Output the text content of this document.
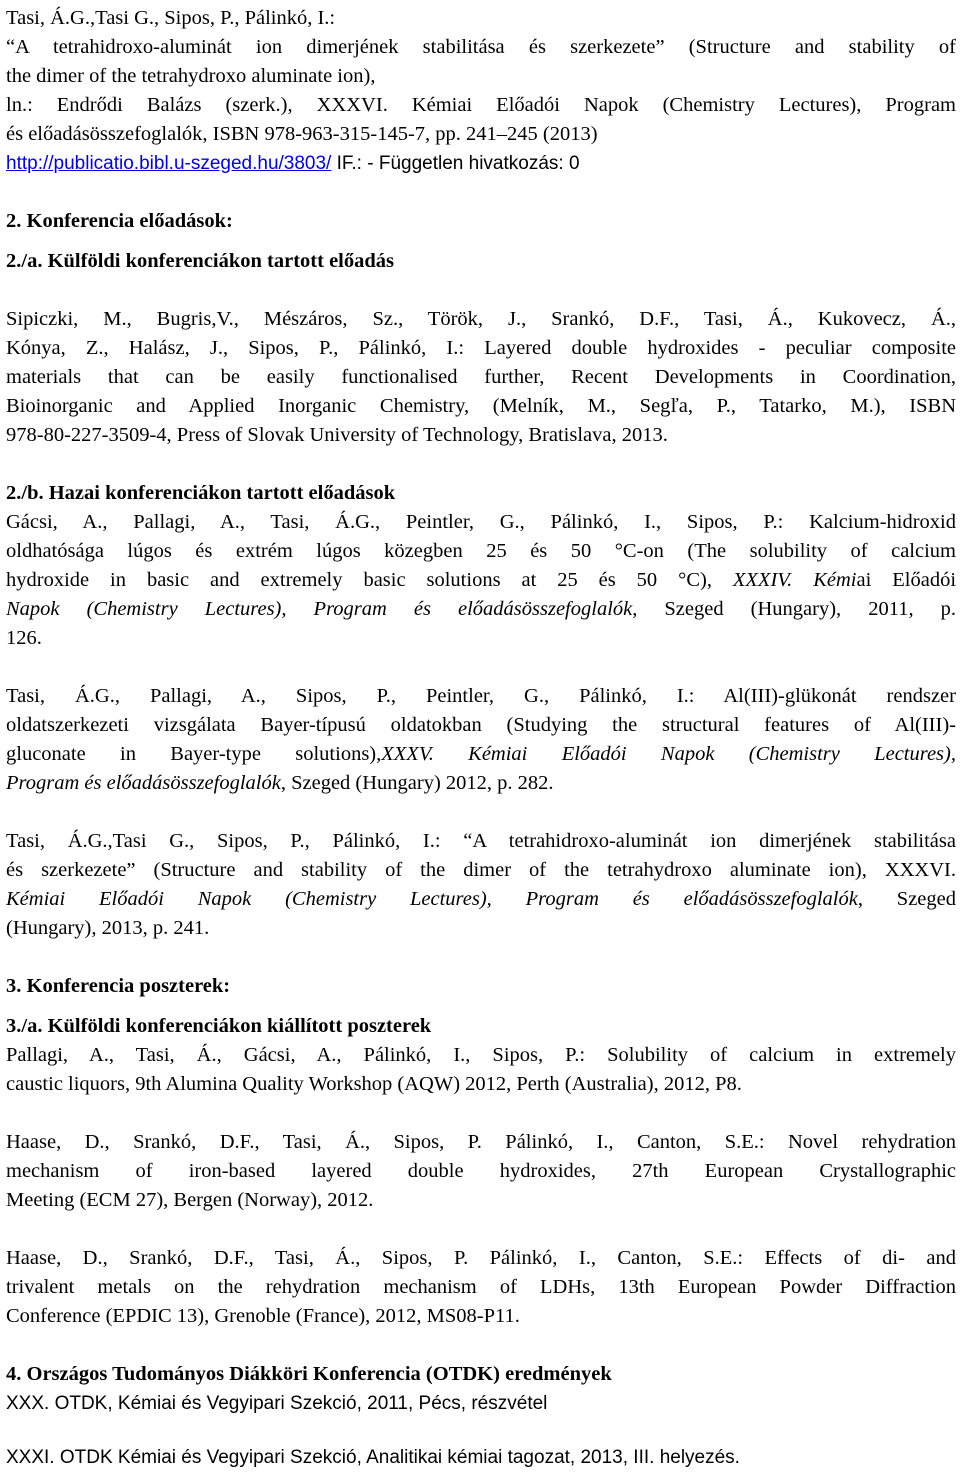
Tasi, Á.G.,Tasi G., Sipos, P., Pálinkó, I.:
“A tetrahidroxo-aluminát ion dimerjének stabilitása és szerkezete” (Structure and stability of
the dimer of the tetrahydroxo aluminate ion),
ln.: Endrődi Balázs (szerk.), XXXVI. Kémiai Előadói Napok (Chemistry Lectures), Program
és előadásösszefoglalók, ISBN 978-963-315-145-7, pp. 241–245 (2013)
http://publicatio.bibl.u-szeged.hu/3803/ IF.: - Független hivatkozás: 0
2. Konferencia előadások:
2./a. Külföldi konferenciákon tartott előadás
Sipiczki, M., Bugris,V., Mészáros, Sz., Török, J., Srankó, D.F., Tasi, Á., Kukovecz, Á.,
Kónya, Z., Halász, J., Sipos, P., Pálinkó, I.: Layered double hydroxides - peculiar composite
materials that can be easily functionalised further, Recent Developments in Coordination,
Bioinorganic and Applied Inorganic Chemistry, (Melník, M., Segľa, P., Tatarko, M.), ISBN
978-80-227-3509-4, Press of Slovak University of Technology, Bratislava, 2013.
2./b. Hazai konferenciákon tartott előadások
Gácsi, A., Pallagi, A., Tasi, Á.G., Peintler, G., Pálinkó, I., Sipos, P.: Kalcium-hidroxid
oldhatósága lúgos és extrém lúgos közegben 25 és 50 °C-on (The solubility of calcium
hydroxide in basic and extremely basic solutions at 25 és 50 °C), XXXIV. Kémiai Előadói
Napok (Chemistry Lectures), Program és előadásösszefoglalók, Szeged (Hungary), 2011, p.
126.
Tasi, Á.G., Pallagi, A., Sipos, P., Peintler, G., Pálinkó, I.: Al(III)-glükonát rendszer
oldatszerkezeti vizsgálata Bayer-típusú oldatokban (Studying the structural features of Al(III)-
gluconate in Bayer-type solutions),XXXV. Kémiai Előadói Napok (Chemistry Lectures),
Program és előadásösszefoglalók, Szeged (Hungary) 2012, p. 282.
Tasi, Á.G.,Tasi G., Sipos, P., Pálinkó, I.: “A tetrahidroxo-aluminát ion dimerjének stabilitása
és szerkezete” (Structure and stability of the dimer of the tetrahydroxo aluminate ion), XXXVI.
Kémiai Előadói Napok (Chemistry Lectures), Program és előadásösszefoglalók, Szeged
(Hungary), 2013, p. 241.
3. Konferencia poszterek:
3./a. Külföldi konferenciákon kiállított poszterek
Pallagi, A., Tasi, Á., Gácsi, A., Pálinkó, I., Sipos, P.: Solubility of calcium in extremely
caustic liquors, 9th Alumina Quality Workshop (AQW) 2012, Perth (Australia), 2012, P8.
Haase, D., Srankó, D.F., Tasi, Á., Sipos, P. Pálinkó, I., Canton, S.E.: Novel rehydration
mechanism of iron-based layered double hydroxides, 27th European Crystallographic
Meeting (ECM 27), Bergen (Norway), 2012.
Haase, D., Srankó, D.F., Tasi, Á., Sipos, P. Pálinkó, I., Canton, S.E.: Effects of di- and
trivalent metals on the rehydration mechanism of LDHs, 13th European Powder Diffraction
Conference (EPDIC 13), Grenoble (France), 2012, MS08-P11.
4. Országos Tudományos Diákköri Konferencia (OTDK) eredmények
XXX. OTDK, Kémiai és Vegyipari Szekció, 2011, Pécs, részvétel
XXXI. OTDK Kémiai és Vegyipari Szekció, Analitikai kémiai tagozat, 2013, III. helyezés.
